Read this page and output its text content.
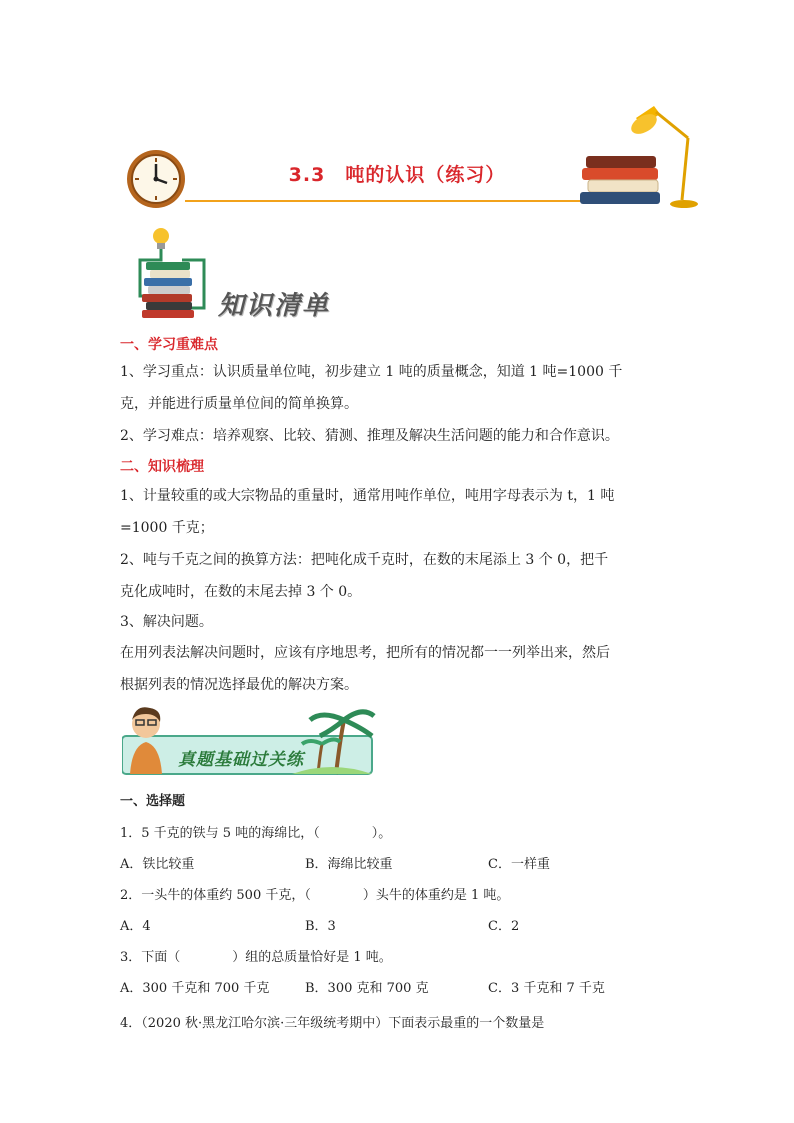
3.3　吨的认识（练习）
知识清单
一、学习重难点
1、学习重点：认识质量单位吨，初步建立 1 吨的质量概念，知道 1 吨=1000 千
克，并能进行质量单位间的简单换算。
2、学习难点：培养观察、比较、猜测、推理及解决生活问题的能力和合作意识。
二、知识梳理
1、计量较重的或大宗物品的重量时，通常用吨作单位，吨用字母表示为 t，1 吨
=1000 千克；
2、吨与千克之间的换算方法：把吨化成千克时，在数的末尾添上 3 个 0，把千
克化成吨时，在数的末尾去掉 3 个 0。
3、解决问题。
在用列表法解决问题时，应该有序地思考，把所有的情况都一一列举出来，然后
根据列表的情况选择最优的解决方案。
真题基础过关练
一、选择题
1．5 千克的铁与 5 吨的海绵比，（　　　　）。
A．铁比较重	B．海绵比较重	C．一样重
2．一头牛的体重约 500 千克，（　　　　）头牛的体重约是 1 吨。
A．4	B．3	C．2
3．下面（　　　　）组的总质量恰好是 1 吨。
A．300 千克和 700 千克	B．300 克和 700 克	C．3 千克和 7 千克
4．（2020 秋·黑龙江哈尔滨·三年级统考期中）下面表示最重的一个数量是
